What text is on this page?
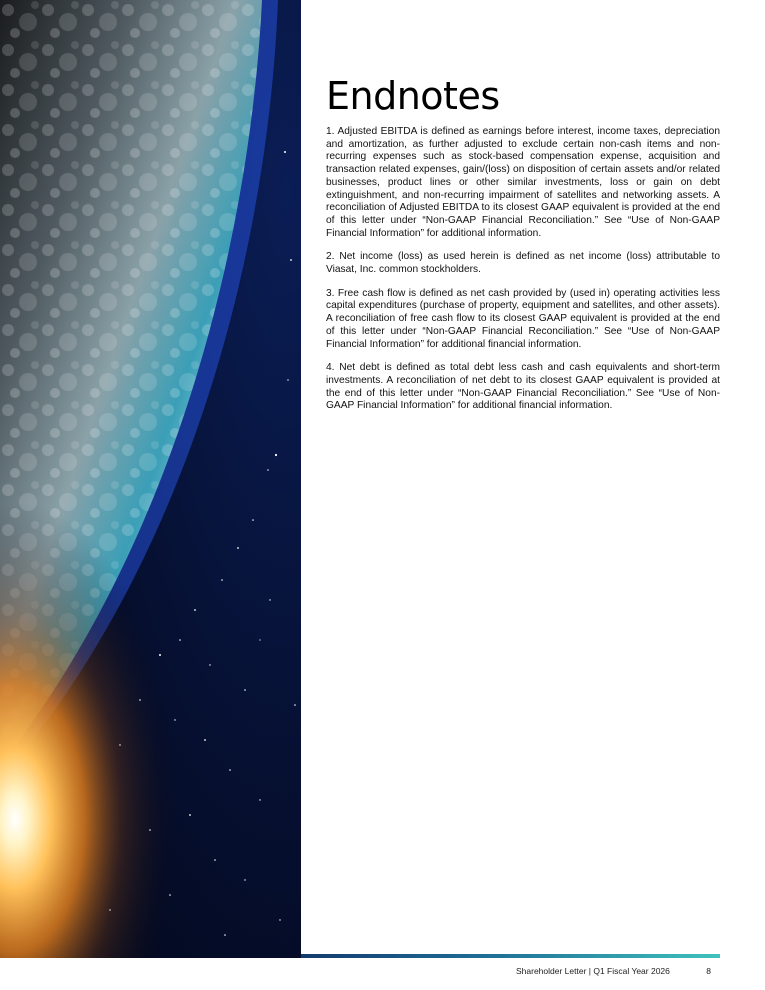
Endnotes

1. Adjusted EBITDA is defined as earnings before interest, income taxes, depreciation and amortization, as further adjusted to exclude certain non-cash items and non-recurring expenses such as stock-based compensation expense, acquisition and transaction related expenses, gain/(loss) on disposition of certain assets and/or related businesses, product lines or other similar investments, loss or gain on debt extinguishment, and non-recurring impairment of satellites and networking assets. A reconciliation of Adjusted EBITDA to its closest GAAP equivalent is provided at the end of this letter under “Non-GAAP Financial Reconciliation.” See “Use of Non-GAAP Financial Information” for additional information.

2. Net income (loss) as used herein is defined as net income (loss) attributable to Viasat, Inc. common stockholders.

3. Free cash flow is defined as net cash provided by (used in) operating activities less capital expenditures (purchase of property, equipment and satellites, and other assets). A reconciliation of free cash flow to its closest GAAP equivalent is provided at the end of this letter under “Non-GAAP Financial Reconciliation.” See “Use of Non-GAAP Financial Information” for additional financial information.

4. Net debt is defined as total debt less cash and cash equivalents and short-term investments. A reconciliation of net debt to its closest GAAP equivalent is provided at the end of this letter under “Non-GAAP Financial Reconciliation.” See “Use of Non-GAAP Financial Information” for additional financial information.

Shareholder Letter | Q1 Fiscal Year 2026	8
